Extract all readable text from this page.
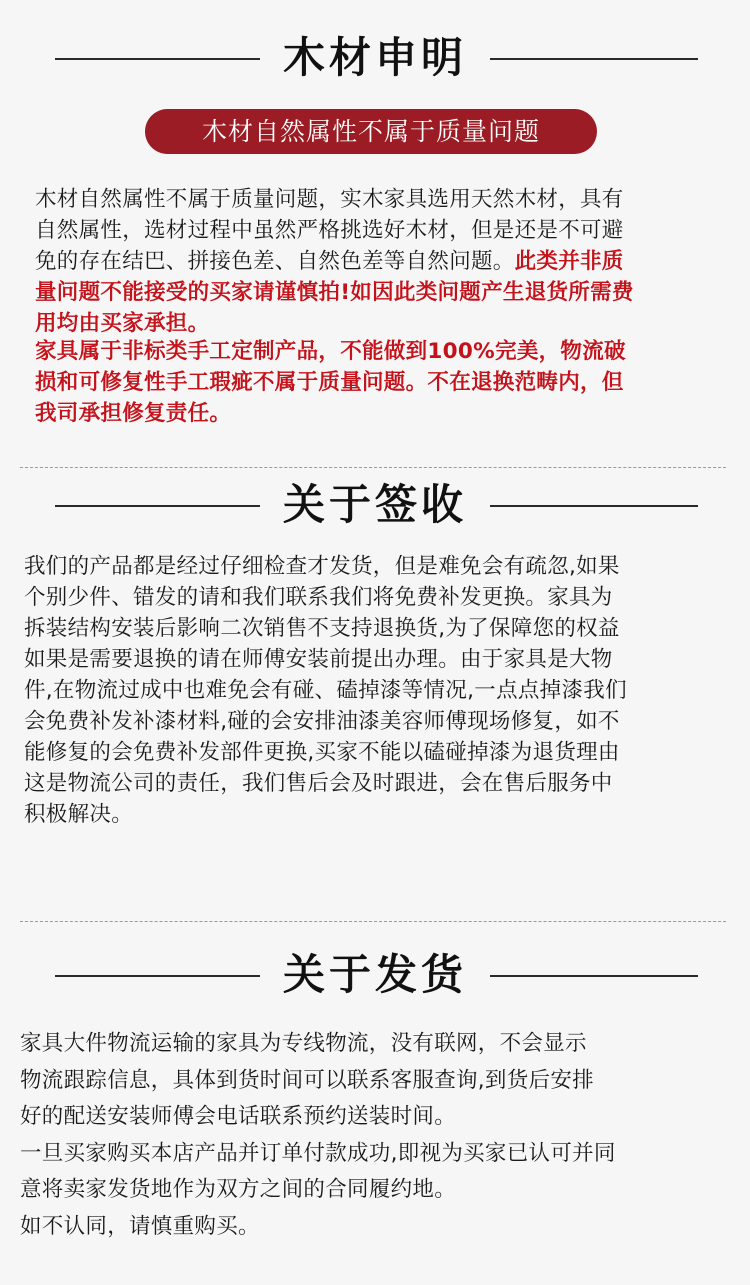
木材申明
木材自然属性不属于质量问题
木材自然属性不属于质量问题，实木家具选用天然木材，具有
自然属性，选材过程中虽然严格挑选好木材，但是还是不可避
免的存在结巴、拼接色差、自然色差等自然问题。此类并非质
量问题不能接受的买家请谨慎拍!如因此类问题产生退货所需费
用均由买家承担。
家具属于非标类手工定制产品，不能做到100%完美，物流破
损和可修复性手工瑕疵不属于质量问题。不在退换范畴内，但
我司承担修复责任。
关于签收
我们的产品都是经过仔细检查才发货，但是难免会有疏忽,如果
个别少件、错发的请和我们联系我们将免费补发更换。家具为
拆装结构安装后影响二次销售不支持退换货,为了保障您的权益
如果是需要退换的请在师傅安装前提出办理。由于家具是大物
件,在物流过成中也难免会有碰、磕掉漆等情况,一点点掉漆我们
会免费补发补漆材料,碰的会安排油漆美容师傅现场修复，如不
能修复的会免费补发部件更换,买家不能以磕碰掉漆为退货理由
这是物流公司的责任，我们售后会及时跟进，会在售后服务中
积极解决。
关于发货
家具大件物流运输的家具为专线物流，没有联网，不会显示
物流跟踪信息，具体到货时间可以联系客服查询,到货后安排
好的配送安装师傅会电话联系预约送装时间。
一旦买家购买本店产品并订单付款成功,即视为买家已认可并同
意将卖家发货地作为双方之间的合同履约地。
如不认同，请慎重购买。
